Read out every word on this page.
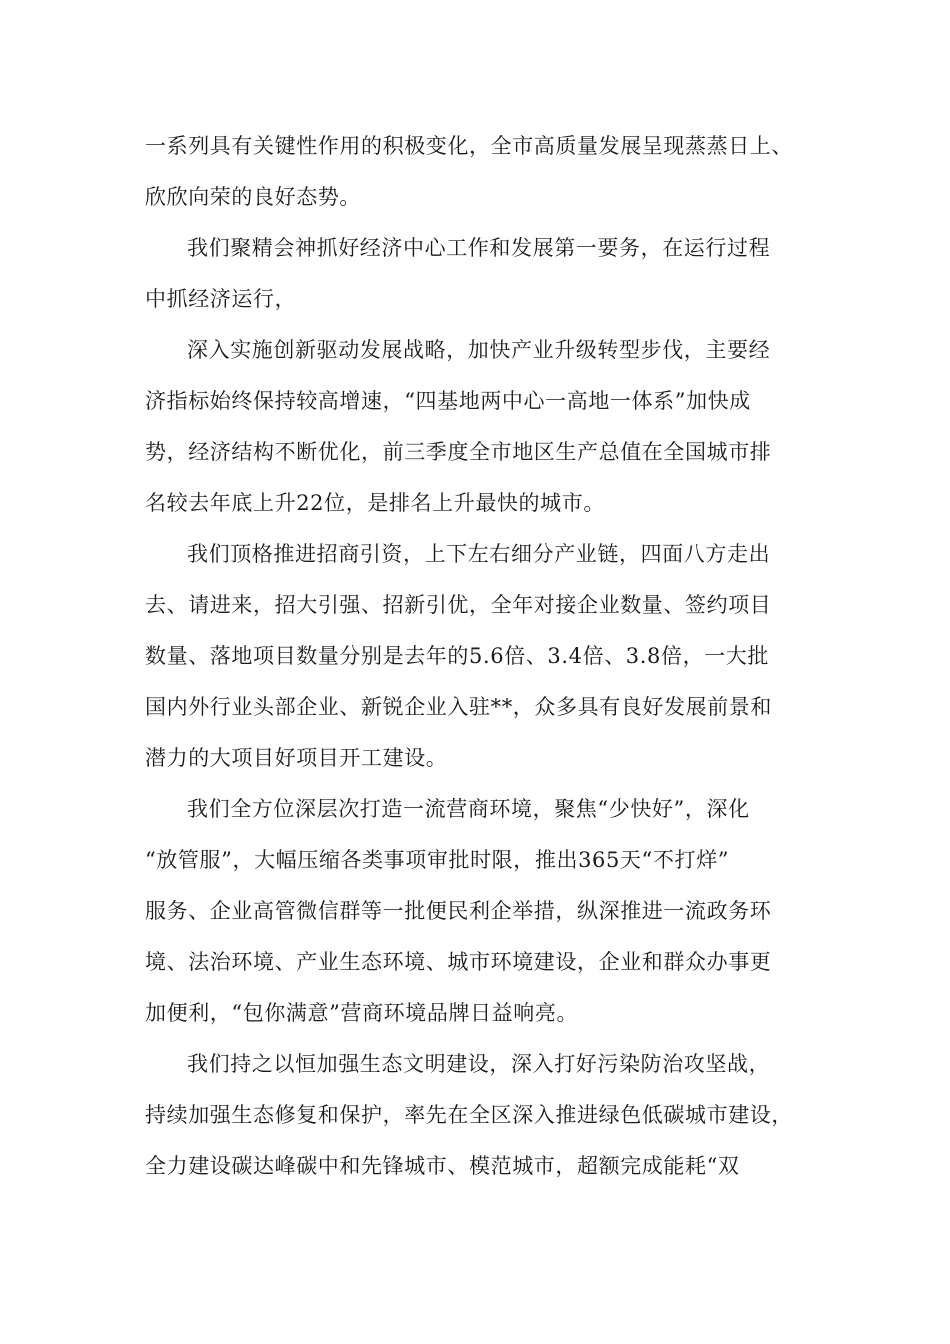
一系列具有关键性作用的积极变化，全市高质量发展呈现蒸蒸日上、
欣欣向荣的良好态势。
我们聚精会神抓好经济中心工作和发展第一要务，在运行过程
中抓经济运行，
深入实施创新驱动发展战略，加快产业升级转型步伐，主要经
济指标始终保持较高增速，“四基地两中心一高地一体系”加快成
势，经济结构不断优化，前三季度全市地区生产总值在全国城市排
名较去年底上升22位，是排名上升最快的城市。
我们顶格推进招商引资，上下左右细分产业链，四面八方走出
去、请进来，招大引强、招新引优，全年对接企业数量、签约项目
数量、落地项目数量分别是去年的5.6倍、3.4倍、3.8倍，一大批
国内外行业头部企业、新锐企业入驻**，众多具有良好发展前景和
潜力的大项目好项目开工建设。
我们全方位深层次打造一流营商环境，聚焦“少快好”，深化
“放管服”，大幅压缩各类事项审批时限，推出365天“不打烊”
服务、企业高管微信群等一批便民利企举措，纵深推进一流政务环
境、法治环境、产业生态环境、城市环境建设，企业和群众办事更
加便利，“包你满意”营商环境品牌日益响亮。
我们持之以恒加强生态文明建设，深入打好污染防治攻坚战，
持续加强生态修复和保护，率先在全区深入推进绿色低碳城市建设，
全力建设碳达峰碳中和先锋城市、模范城市，超额完成能耗“双
